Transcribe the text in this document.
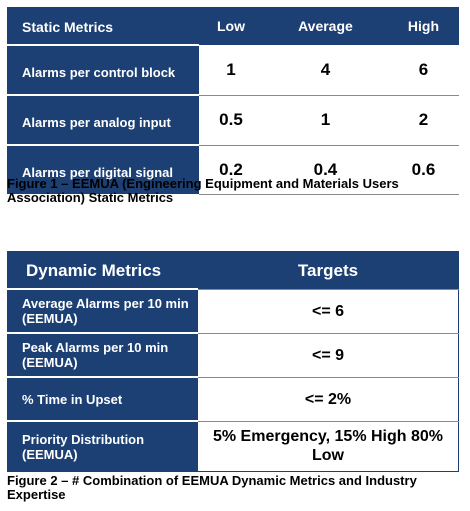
Static Metrics	Low	Average	High
Alarms per control block	1	4	6
Alarms per analog input	0.5	1	2
Alarms per digital signal	0.2	0.4	0.6
Figure 1 – EEMUA (Engineering Equipment and Materials Users Association) Static Metrics
Dynamic Metrics	Targets
Average Alarms per 10 min (EEMUA)	<= 6
Peak Alarms per 10 min (EEMUA)	<= 9
% Time in Upset	<= 2%
Priority Distribution (EEMUA)	5% Emergency, 15% High 80% Low
Figure 2 – # Combination of EEMUA Dynamic Metrics and Industry Expertise
